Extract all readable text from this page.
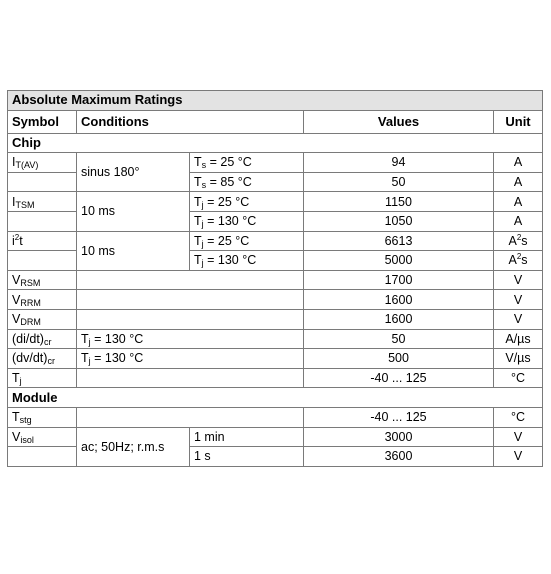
Absolute Maximum Ratings				
Symbol	Conditions		Values	Unit
Chip				
$I_{T(AV)}$	sinus 180°	$T_s = 25$ °C	94	A
		$T_s = 85$ °C	50	A
$I_{TSM}$	10 ms	$T_j = 25$ °C	1150	A
		$T_j = 130$ °C	1050	A
$i^2t$	10 ms	$T_j = 25$ °C	6613	$A^2s$
		$T_j = 130$ °C	5000	$A^2s$
$V_{RSM}$			1700	V
$V_{RRM}$			1600	V
$V_{DRM}$			1600	V
$(di/dt)_{cr}$	$T_j = 130$ °C		50	A/µs
$(dv/dt)_{cr}$	$T_j = 130$ °C		500	V/µs
$T_j$			-40 ... 125	°C
Module				
$T_{stg}$			-40 ... 125	°C
$V_{isol}$	ac; 50Hz; r.m.s	1 min	3000	V
		1 s	3600	V
